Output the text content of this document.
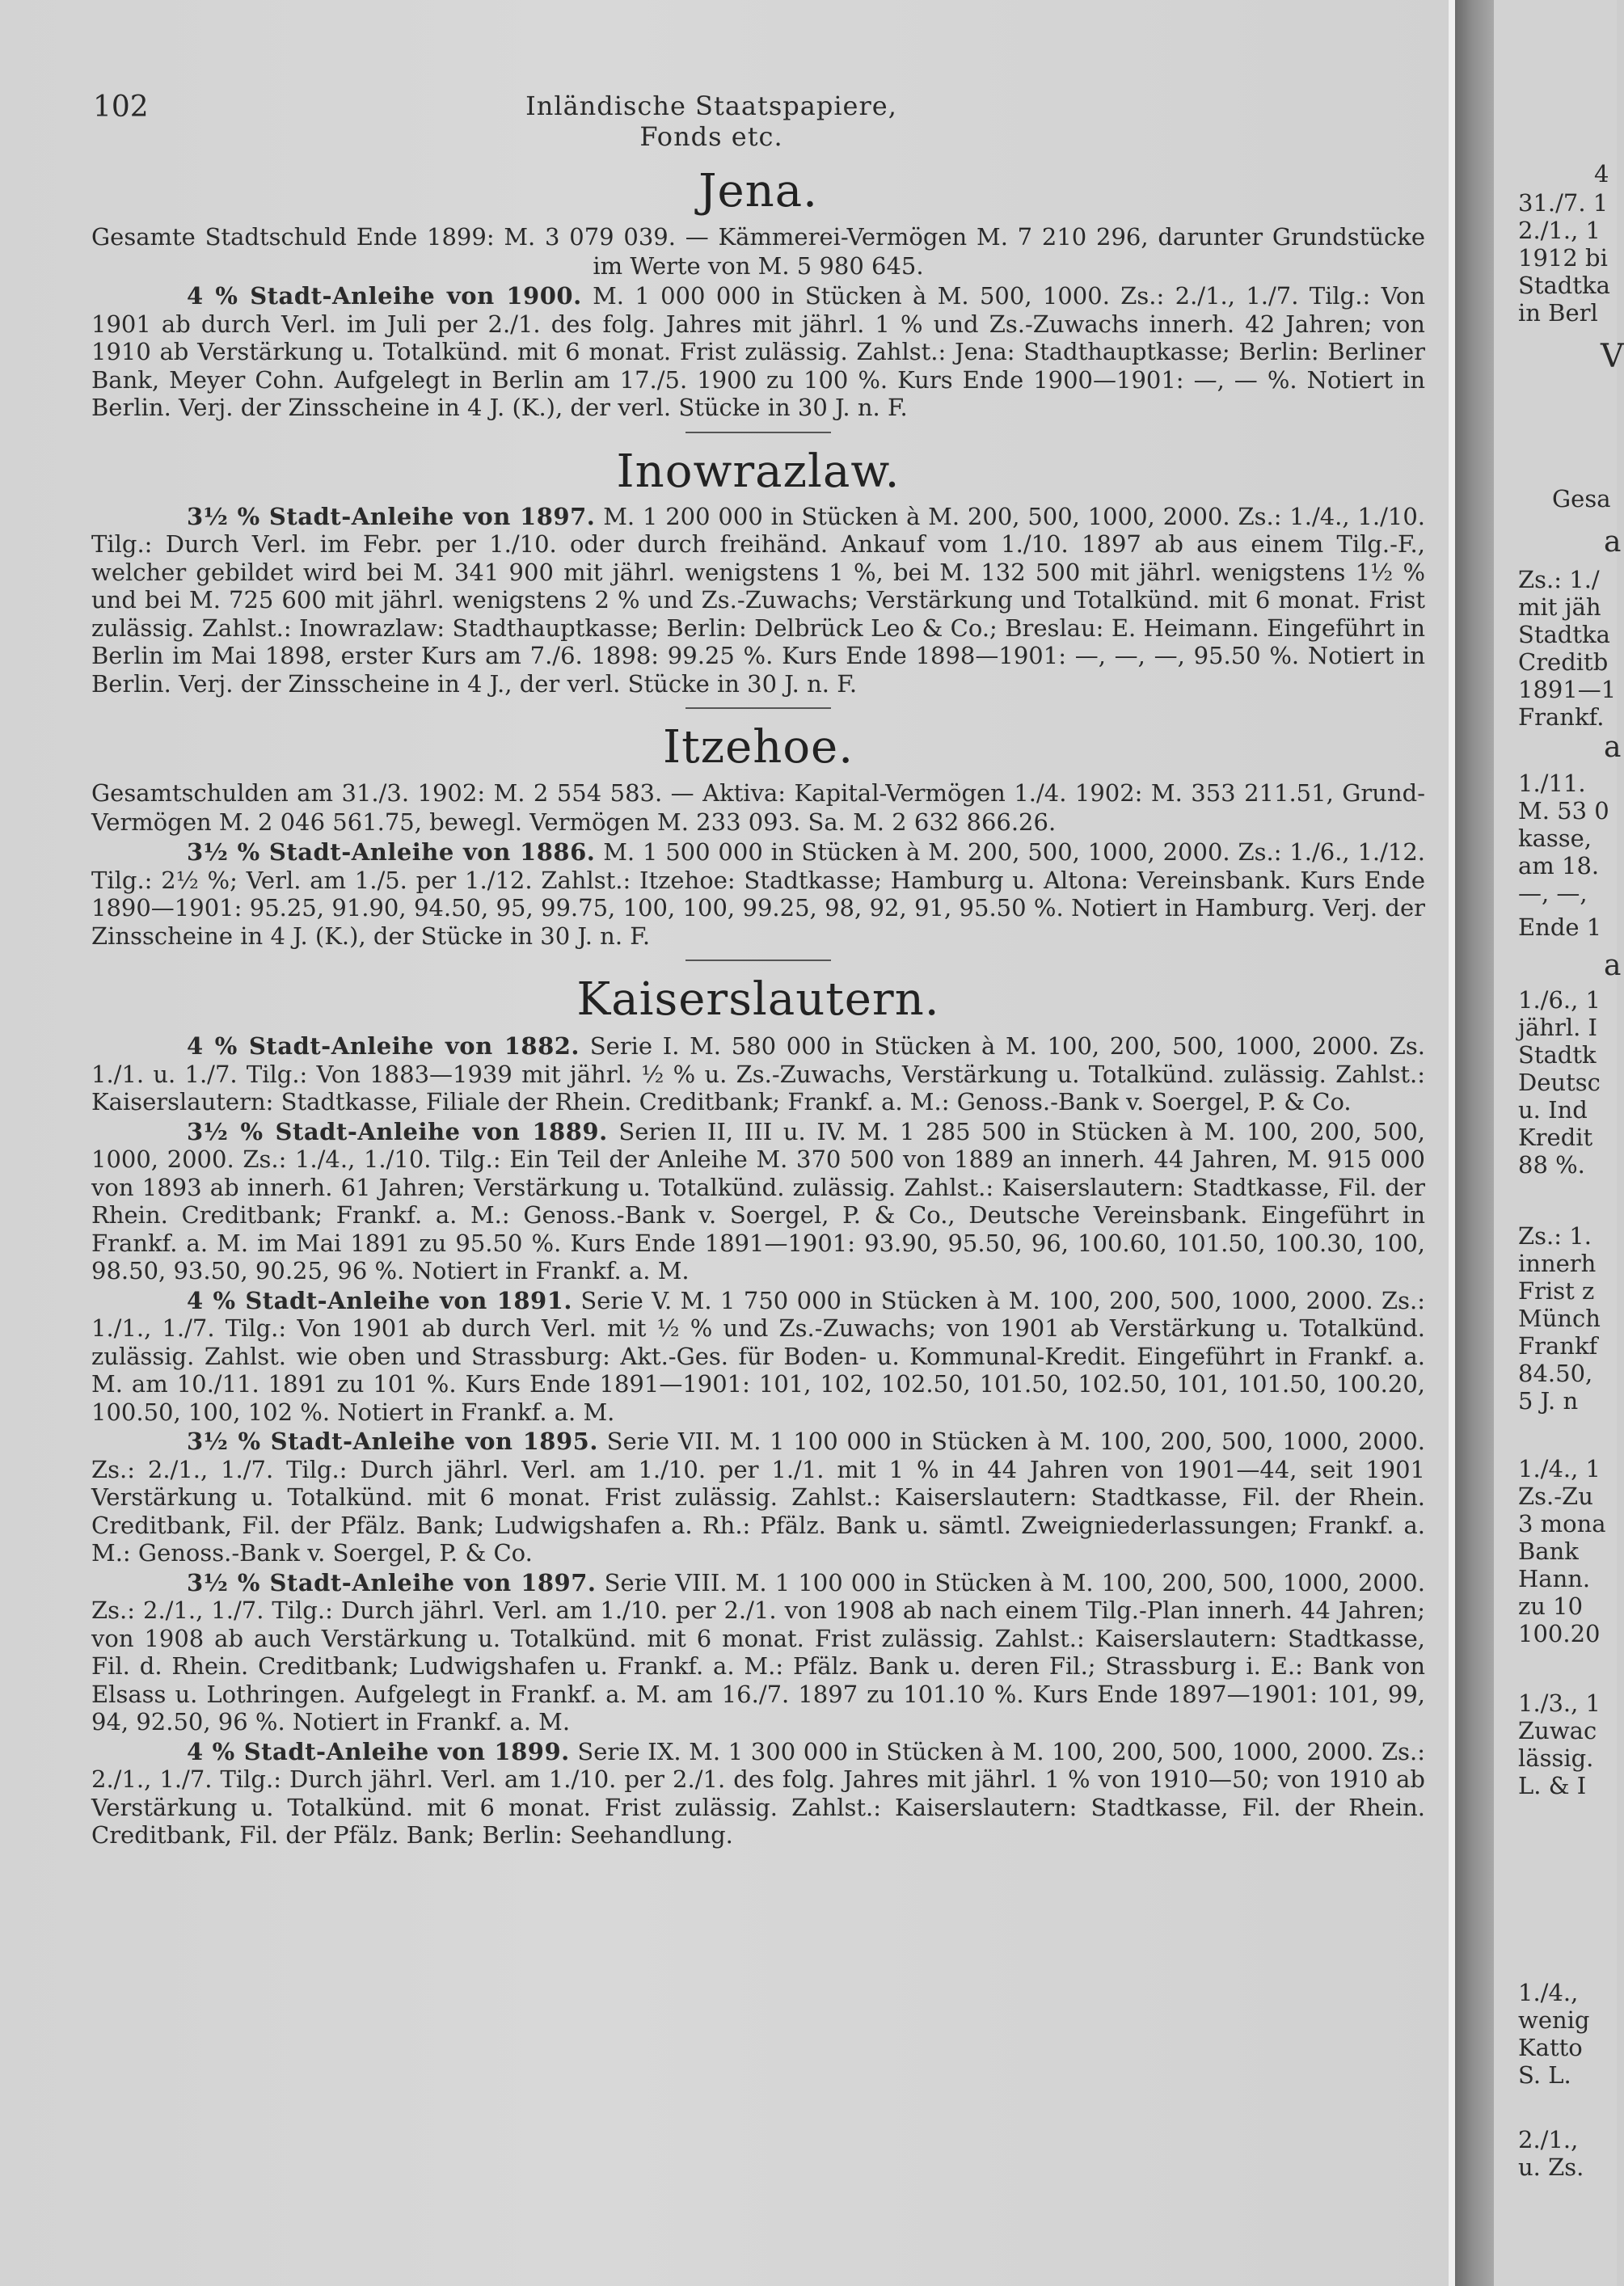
102	Inländische Staatspapiere, Fonds etc.
Jena.

Gesamte Stadtschuld Ende 1899: M. 3 079 039. — Kämmerei-Vermögen M. 7 210 296, darunter Grundstücke im Werte von M. 5 980 645.

4 % Stadt-Anleihe von 1900. M. 1 000 000 in Stücken à M. 500, 1000. Zs.: 2./1., 1./7. Tilg.: Von 1901 ab durch Verl. im Juli per 2./1. des folg. Jahres mit jährl. 1 % und Zs.-Zuwachs innerh. 42 Jahren; von 1910 ab Verstärkung u. Totalkünd. mit 6 monat. Frist zulässig. Zahlst.: Jena: Stadthauptkasse; Berlin: Berliner Bank, Meyer Cohn. Aufgelegt in Berlin am 17./5. 1900 zu 100 %. Kurs Ende 1900—1901: —, — %. Notiert in Berlin. Verj. der Zinsscheine in 4 J. (K.), der verl. Stücke in 30 J. n. F.

Inowrazlaw.

3½ % Stadt-Anleihe von 1897. M. 1 200 000 in Stücken à M. 200, 500, 1000, 2000. Zs.: 1./4., 1./10. Tilg.: Durch Verl. im Febr. per 1./10. oder durch freihänd. Ankauf vom 1./10. 1897 ab aus einem Tilg.-F., welcher gebildet wird bei M. 341 900 mit jährl. wenigstens 1 %, bei M. 132 500 mit jährl. wenigstens 1½ % und bei M. 725 600 mit jährl. wenigstens 2 % und Zs.-Zuwachs; Verstärkung und Totalkünd. mit 6 monat. Frist zulässig. Zahlst.: Inowrazlaw: Stadthauptkasse; Berlin: Delbrück Leo & Co.; Breslau: E. Heimann. Eingeführt in Berlin im Mai 1898, erster Kurs am 7./6. 1898: 99.25 %. Kurs Ende 1898—1901: —, —, —, 95.50 %. Notiert in Berlin. Verj. der Zinsscheine in 4 J., der verl. Stücke in 30 J. n. F.

Itzehoe.

Gesamtschulden am 31./3. 1902: M. 2 554 583. — Aktiva: Kapital-Vermögen 1./4. 1902: M. 353 211.51, Grund-Vermögen M. 2 046 561.75, bewegl. Vermögen M. 233 093. Sa. M. 2 632 866.26.

3½ % Stadt-Anleihe von 1886. M. 1 500 000 in Stücken à M. 200, 500, 1000, 2000. Zs.: 1./6., 1./12. Tilg.: 2½ %; Verl. am 1./5. per 1./12. Zahlst.: Itzehoe: Stadtkasse; Hamburg u. Altona: Vereinsbank. Kurs Ende 1890—1901: 95.25, 91.90, 94.50, 95, 99.75, 100, 100, 99.25, 98, 92, 91, 95.50 %. Notiert in Hamburg. Verj. der Zinsscheine in 4 J. (K.), der Stücke in 30 J. n. F.

Kaiserslautern.

4 % Stadt-Anleihe von 1882. Serie I. M. 580 000 in Stücken à M. 100, 200, 500, 1000, 2000. Zs. 1./1. u. 1./7. Tilg.: Von 1883—1939 mit jährl. ½ % u. Zs.-Zuwachs, Verstärkung u. Totalkünd. zulässig. Zahlst.: Kaiserslautern: Stadtkasse, Filiale der Rhein. Creditbank; Frankf. a. M.: Genoss.-Bank v. Soergel, P. & Co.

3½ % Stadt-Anleihe von 1889. Serien II, III u. IV. M. 1 285 500 in Stücken à M. 100, 200, 500, 1000, 2000. Zs.: 1./4., 1./10. Tilg.: Ein Teil der Anleihe M. 370 500 von 1889 an innerh. 44 Jahren, M. 915 000 von 1893 ab innerh. 61 Jahren; Verstärkung u. Totalkünd. zulässig. Zahlst.: Kaiserslautern: Stadtkasse, Fil. der Rhein. Creditbank; Frankf. a. M.: Genoss.-Bank v. Soergel, P. & Co., Deutsche Vereinsbank. Eingeführt in Frankf. a. M. im Mai 1891 zu 95.50 %. Kurs Ende 1891—1901: 93.90, 95.50, 96, 100.60, 101.50, 100.30, 100, 98.50, 93.50, 90.25, 96 %. Notiert in Frankf. a. M.

4 % Stadt-Anleihe von 1891. Serie V. M. 1 750 000 in Stücken à M. 100, 200, 500, 1000, 2000. Zs.: 1./1., 1./7. Tilg.: Von 1901 ab durch Verl. mit ½ % und Zs.-Zuwachs; von 1901 ab Verstärkung u. Totalkünd. zulässig. Zahlst. wie oben und Strassburg: Akt.-Ges. für Boden- u. Kommunal-Kredit. Eingeführt in Frankf. a. M. am 10./11. 1891 zu 101 %. Kurs Ende 1891—1901: 101, 102, 102.50, 101.50, 102.50, 101, 101.50, 100.20, 100.50, 100, 102 %. Notiert in Frankf. a. M.

3½ % Stadt-Anleihe von 1895. Serie VII. M. 1 100 000 in Stücken à M. 100, 200, 500, 1000, 2000. Zs.: 2./1., 1./7. Tilg.: Durch jährl. Verl. am 1./10. per 1./1. mit 1 % in 44 Jahren von 1901—44, seit 1901 Verstärkung u. Totalkünd. mit 6 monat. Frist zulässig. Zahlst.: Kaiserslautern: Stadtkasse, Fil. der Rhein. Creditbank, Fil. der Pfälz. Bank; Ludwigshafen a. Rh.: Pfälz. Bank u. sämtl. Zweigniederlassungen; Frankf. a. M.: Genoss.-Bank v. Soergel, P. & Co.

3½ % Stadt-Anleihe von 1897. Serie VIII. M. 1 100 000 in Stücken à M. 100, 200, 500, 1000, 2000. Zs.: 2./1., 1./7. Tilg.: Durch jährl. Verl. am 1./10. per 2./1. von 1908 ab nach einem Tilg.-Plan innerh. 44 Jahren; von 1908 ab auch Verstärkung u. Totalkünd. mit 6 monat. Frist zulässig. Zahlst.: Kaiserslautern: Stadtkasse, Fil. d. Rhein. Creditbank; Ludwigshafen u. Frankf. a. M.: Pfälz. Bank u. deren Fil.; Strassburg i. E.: Bank von Elsass u. Lothringen. Aufgelegt in Frankf. a. M. am 16./7. 1897 zu 101.10 %. Kurs Ende 1897—1901: 101, 99, 94, 92.50, 96 %. Notiert in Frankf. a. M.

4 % Stadt-Anleihe von 1899. Serie IX. M. 1 300 000 in Stücken à M. 100, 200, 500, 1000, 2000. Zs.: 2./1., 1./7. Tilg.: Durch jährl. Verl. am 1./10. per 2./1. des folg. Jahres mit jährl. 1 % von 1910—50; von 1910 ab Verstärkung u. Totalkünd. mit 6 monat. Frist zulässig. Zahlst.: Kaiserslautern: Stadtkasse, Fil. der Rhein. Creditbank, Fil. der Pfälz. Bank; Berlin: Seehandlung.

4
31./7. 1
2./1., 1
1912 bi
Stadtka
in Berl
V
Gesa
a
Zs.: 1./
mit jäh
Stadtka
Creditb
1891—1
Frankf.
a
1./11.
M. 53 0
kasse,
am 18.
—, —,
Ende 1
a
1./6., 1
jährl. I
Stadtk
Deutsc
u. Ind
Kredit
88 %.
Zs.: 1.
innerh
Frist z
Münch
Frankf
84.50,
5 J. n
1./4., 1
Zs.-Zu
3 mona
Bank
Hann.
zu 10
100.20
1./3., 1
Zuwac
lässig.
L. & I
1./4.,
wenig
Katto
S. L.
2./1.,
u. Zs.
